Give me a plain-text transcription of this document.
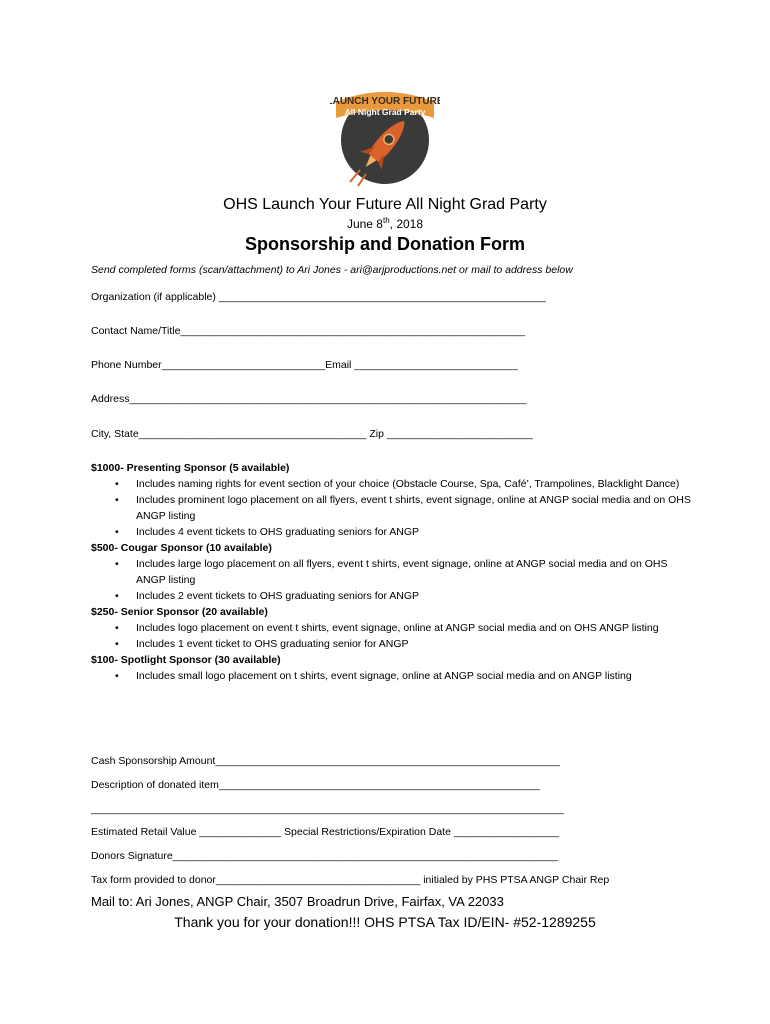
LAUNCH YOUR FUTURE
All Night Grad Party
OHS Launch Your Future All Night Grad Party
June 8th, 2018
Sponsorship and Donation Form
Send completed forms (scan/attachment) to Ari Jones - ari@arjproductions.net or mail to address below
Organization (if applicable) ________________________________________________________
Contact Name/Title___________________________________________________________
Phone Number____________________________Email ____________________________
Address____________________________________________________________________
City, State_______________________________________ Zip _________________________
$1000- Presenting Sponsor (5 available)
• Includes naming rights for event section of your choice (Obstacle Course, Spa, Café’, Trampolines, Blacklight Dance)
• Includes prominent logo placement on all flyers, event t shirts, event signage, online at ANGP social media and on OHS ANGP listing
• Includes 4 event tickets to OHS graduating seniors for ANGP
$500- Cougar Sponsor (10 available)
• Includes large logo placement on all flyers, event t shirts, event signage, online at ANGP social media and on OHS ANGP listing
• Includes 2 event tickets to OHS graduating seniors for ANGP
$250- Senior Sponsor (20 available)
• Includes logo placement on event t shirts, event signage, online at ANGP social media and on OHS ANGP listing
• Includes 1 event ticket to OHS graduating senior for ANGP
$100- Spotlight Sponsor (30 available)
• Includes small logo placement on t shirts, event signage, online at ANGP social media and on ANGP listing
Cash Sponsorship Amount___________________________________________________________
Description of donated item_______________________________________________________
_________________________________________________________________________________
Estimated Retail Value ______________ Special Restrictions/Expiration Date __________________
Donors Signature__________________________________________________________________
Tax form provided to donor___________________________________ initialed by PHS PTSA ANGP Chair Rep
Mail to: Ari Jones, ANGP Chair, 3507 Broadrun Drive, Fairfax, VA 22033
Thank you for your donation!!! OHS PTSA Tax ID/EIN- #52-1289255
